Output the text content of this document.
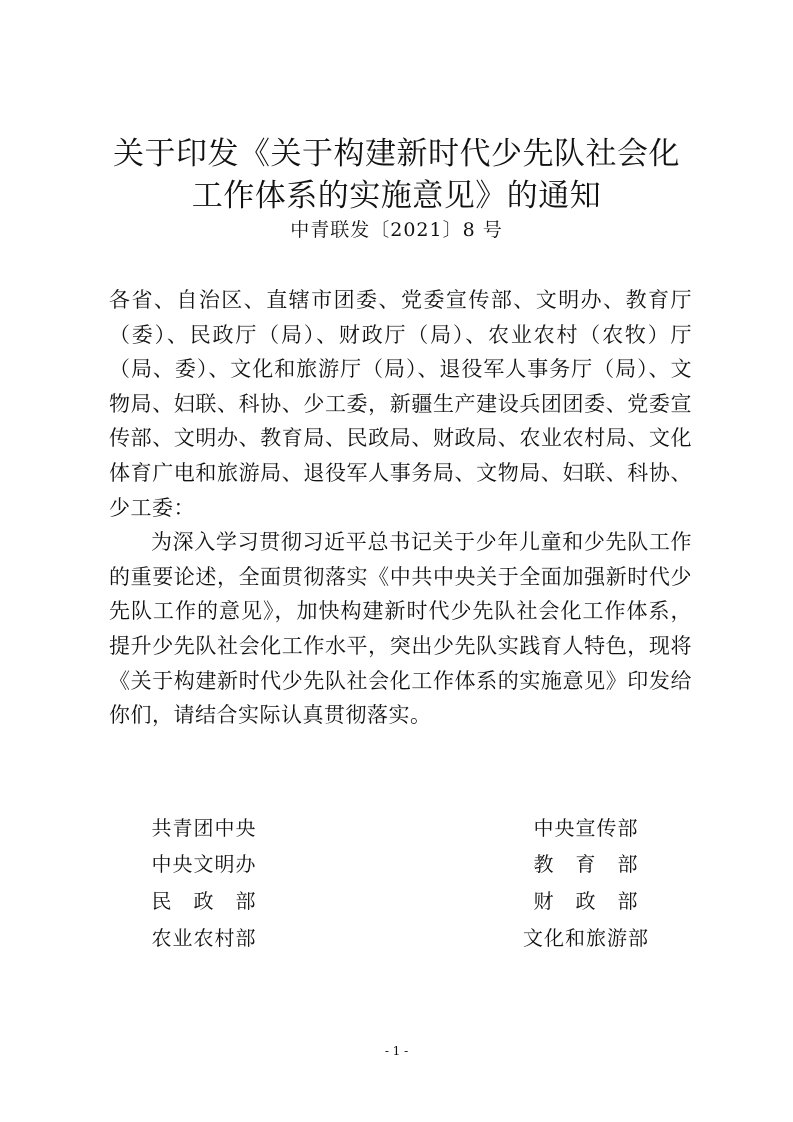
关于印发《关于构建新时代少先队社会化
工作体系的实施意见》的通知
中青联发〔2021〕8 号

各省、自治区、直辖市团委、党委宣传部、文明办、教育厅（委）、民政厅（局）、财政厅（局）、农业农村（农牧）厅（局、委）、文化和旅游厅（局）、退役军人事务厅（局）、文物局、妇联、科协、少工委，新疆生产建设兵团团委、党委宣传部、文明办、教育局、民政局、财政局、农业农村局、文化体育广电和旅游局、退役军人事务局、文物局、妇联、科协、少工委：

为深入学习贯彻习近平总书记关于少年儿童和少先队工作的重要论述，全面贯彻落实《中共中央关于全面加强新时代少先队工作的意见》，加快构建新时代少先队社会化工作体系，提升少先队社会化工作水平，突出少先队实践育人特色，现将《关于构建新时代少先队社会化工作体系的实施意见》印发给你们，请结合实际认真贯彻落实。

共青团中央	中央宣传部
中央文明办	教　育　部
民　政　部	财　政　部
农业农村部	文化和旅游部
- 1 -
